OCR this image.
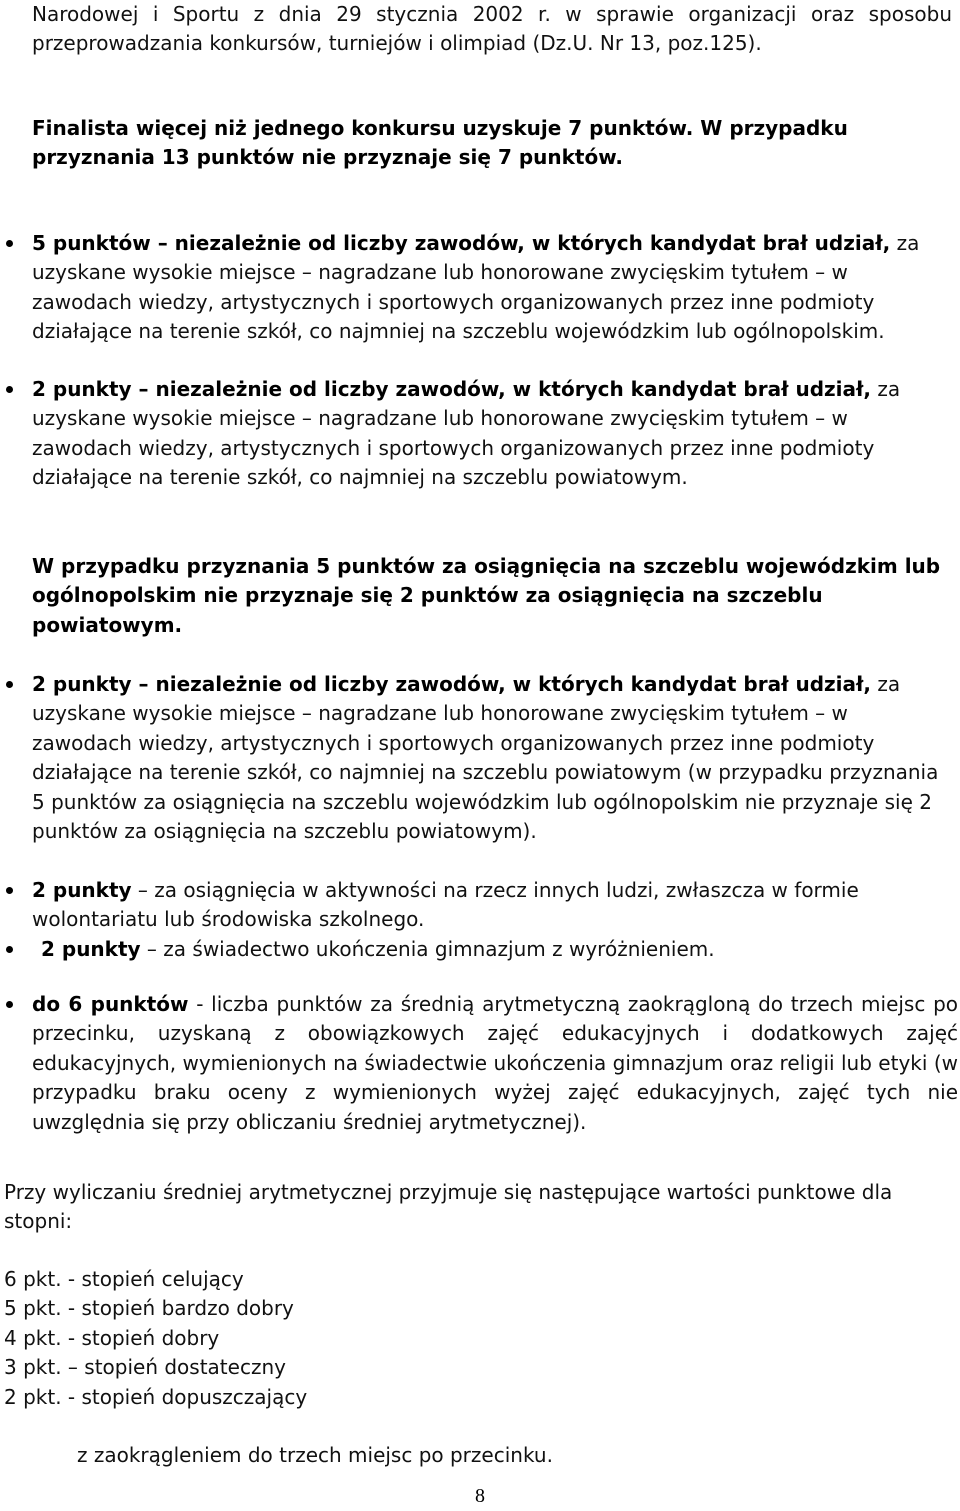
Narodowej i Sportu z dnia 29 stycznia 2002 r. w sprawie organizacji oraz sposobu przeprowadzania konkursów, turniejów i olimpiad (Dz.U. Nr 13, poz.125).

Finalista więcej niż jednego konkursu uzyskuje 7 punktów. W przypadku przyznania 13 punktów nie przyznaje się 7 punktów.

5 punktów – niezależnie od liczby zawodów, w których kandydat brał udział, za uzyskane wysokie miejsce – nagradzane lub honorowane zwycięskim tytułem – w zawodach wiedzy, artystycznych i sportowych organizowanych przez inne podmioty działające na terenie szkół, co najmniej na szczeblu wojewódzkim lub ogólnopolskim.

2 punkty – niezależnie od liczby zawodów, w których kandydat brał udział, za uzyskane wysokie miejsce – nagradzane lub honorowane zwycięskim tytułem – w zawodach wiedzy, artystycznych i sportowych organizowanych przez inne podmioty działające na terenie szkół, co najmniej na szczeblu powiatowym.

W przypadku przyznania 5 punktów za osiągnięcia na szczeblu wojewódzkim lub ogólnopolskim nie przyznaje się 2 punktów za osiągnięcia na szczeblu powiatowym.

2 punkty – niezależnie od liczby zawodów, w których kandydat brał udział, za uzyskane wysokie miejsce – nagradzane lub honorowane zwycięskim tytułem – w zawodach wiedzy, artystycznych i sportowych organizowanych przez inne podmioty działające na terenie szkół, co najmniej na szczeblu powiatowym (w przypadku przyznania 5 punktów za osiągnięcia na szczeblu wojewódzkim lub ogólnopolskim nie przyznaje się 2 punktów za osiągnięcia na szczeblu powiatowym).

2 punkty – za osiągnięcia w aktywności na rzecz innych ludzi, zwłaszcza w formie wolontariatu lub środowiska szkolnego.

2 punkty – za świadectwo ukończenia gimnazjum z wyróżnieniem.

do 6 punktów - liczba punktów za średnią arytmetyczną zaokrągloną do trzech miejsc po przecinku, uzyskaną z obowiązkowych zajęć edukacyjnych i dodatkowych zajęć edukacyjnych, wymienionych na świadectwie ukończenia gimnazjum oraz religii lub etyki (w przypadku braku oceny z wymienionych wyżej zajęć edukacyjnych, zajęć tych nie uwzględnia się przy obliczaniu średniej arytmetycznej).

Przy wyliczaniu średniej arytmetycznej przyjmuje się następujące wartości punktowe dla stopni:

6 pkt. - stopień celujący
5 pkt. - stopień bardzo dobry
4 pkt. - stopień dobry
3 pkt. – stopień dostateczny
2 pkt. - stopień dopuszczający

z zaokrągleniem do trzech miejsc po przecinku.

8
